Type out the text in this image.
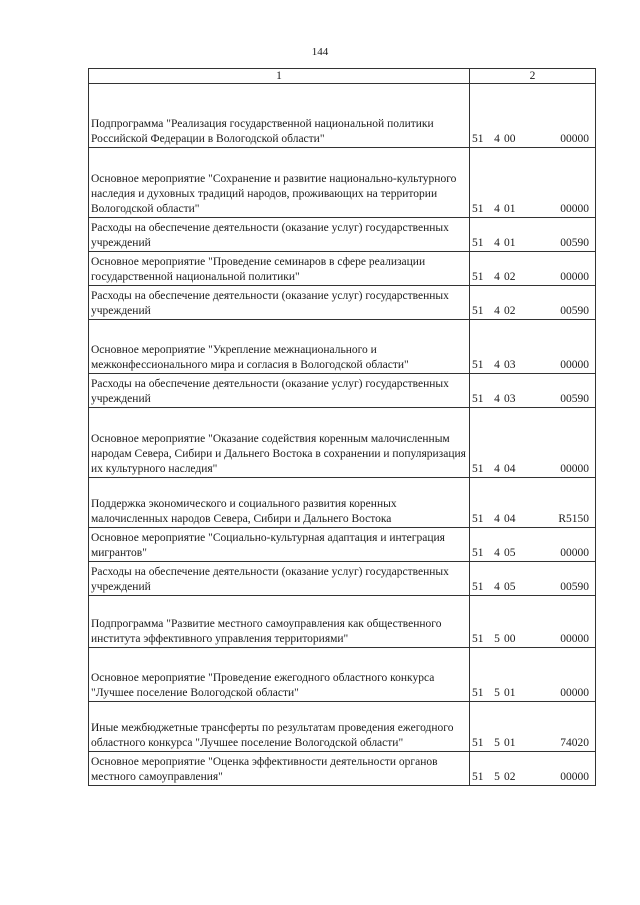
144
1	2
Подпрограмма "Реализация государственной национальной политики Российской Федерации в Вологодской области"	51 4 00 00000

Основное мероприятие "Сохранение и развитие национально-культурного наследия и духовных традиций народов, проживающих на территории Вологодской области"	51 4 01 00000

Расходы на обеспечение деятельности (оказание услуг) государственных учреждений	51 4 01 00590

Основное мероприятие "Проведение семинаров в сфере реализации государственной национальной политики"	51 4 02 00000

Расходы на обеспечение деятельности (оказание услуг) государственных учреждений	51 4 02 00590

Основное мероприятие "Укрепление межнационального и межконфессионального мира и согласия в Вологодской области"	51 4 03 00000

Расходы на обеспечение деятельности (оказание услуг) государственных учреждений	51 4 03 00590

Основное мероприятие "Оказание содействия коренным малочисленным народам Севера, Сибири и Дальнего Востока в сохранении и популяризация их культурного наследия"	51 4 04 00000

Поддержка экономического и социального развития коренных малочисленных народов Севера, Сибири и Дальнего Востока	51 4 04 R5150

Основное мероприятие "Социально-культурная адаптация и интеграция мигрантов"	51 4 05 00000

Расходы на обеспечение деятельности (оказание услуг) государственных учреждений	51 4 05 00590

Подпрограмма "Развитие местного самоуправления как общественного института эффективного управления территориями"	51 5 00 00000

Основное мероприятие "Проведение ежегодного областного конкурса "Лучшее поселение Вологодской области"	51 5 01 00000

Иные межбюджетные трансферты по результатам проведения ежегодного областного конкурса "Лучшее поселение Вологодской области"	51 5 01 74020

Основное мероприятие "Оценка эффективности деятельности органов местного самоуправления"	51 5 02 00000
